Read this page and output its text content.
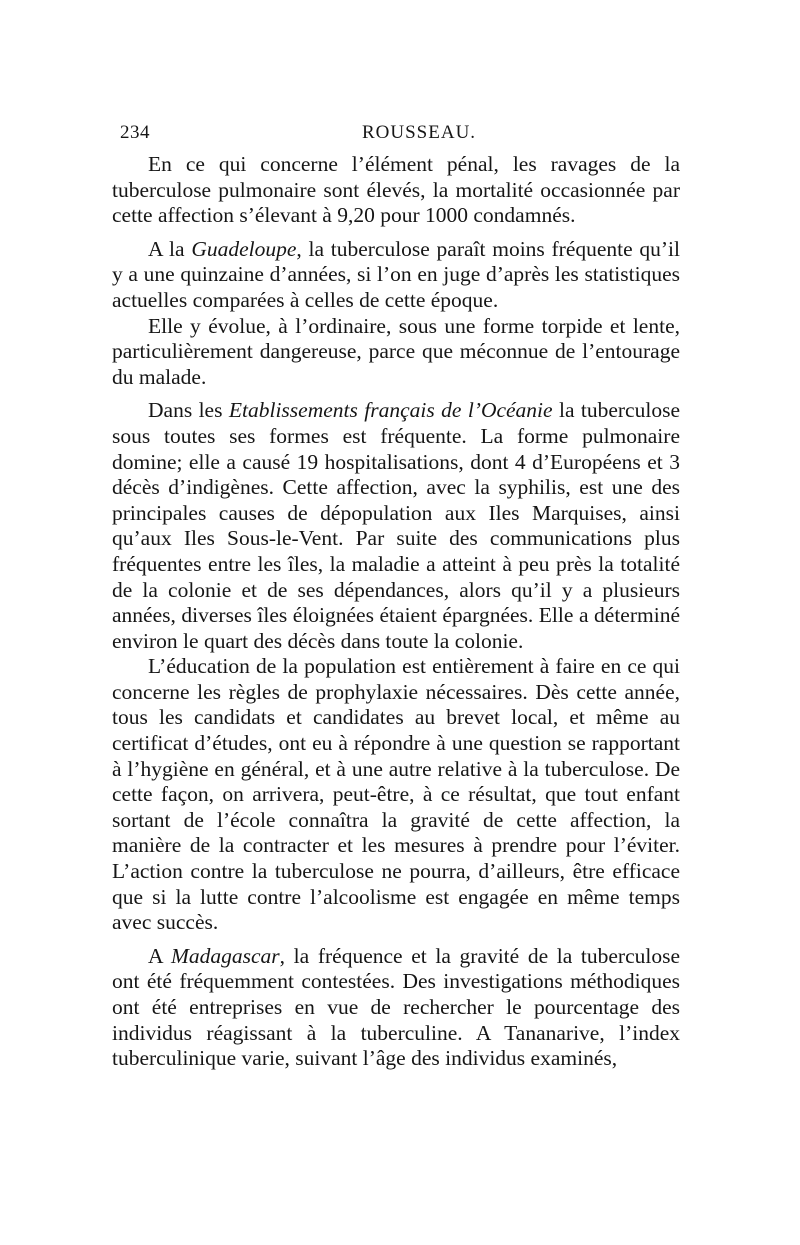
234	ROUSSEAU.

En ce qui concerne l’élément pénal, les ravages de la tuberculose pulmonaire sont élevés, la mortalité occasionnée par cette affection s’élevant à 9,20 pour 1000 condamnés.

A la Guadeloupe, la tuberculose paraît moins fréquente qu’il y a une quinzaine d’années, si l’on en juge d’après les statistiques actuelles comparées à celles de cette époque.

Elle y évolue, à l’ordinaire, sous une forme torpide et lente, particulièrement dangereuse, parce que méconnue de l’entourage du malade.

Dans les Etablissements français de l’Océanie la tuberculose sous toutes ses formes est fréquente. La forme pulmonaire domine; elle a causé 19 hospitalisations, dont 4 d’Européens et 3 décès d’indigènes. Cette affection, avec la syphilis, est une des principales causes de dépopulation aux Iles Marquises, ainsi qu’aux Iles Sous-le-Vent. Par suite des communications plus fréquentes entre les îles, la maladie a atteint à peu près la totalité de la colonie et de ses dépendances, alors qu’il y a plusieurs années, diverses îles éloignées étaient épargnées. Elle a déterminé environ le quart des décès dans toute la colonie.

L’éducation de la population est entièrement à faire en ce qui concerne les règles de prophylaxie nécessaires. Dès cette année, tous les candidats et candidates au brevet local, et même au certificat d’études, ont eu à répondre à une question se rapportant à l’hygiène en général, et à une autre relative à la tuberculose. De cette façon, on arrivera, peut-être, à ce résultat, que tout enfant sortant de l’école connaîtra la gravité de cette affection, la manière de la contracter et les mesures à prendre pour l’éviter. L’action contre la tuberculose ne pourra, d’ailleurs, être efficace que si la lutte contre l’alcoolisme est engagée en même temps avec succès.

A Madagascar, la fréquence et la gravité de la tuberculose ont été fréquemment contestées. Des investigations méthodiques ont été entreprises en vue de rechercher le pourcentage des individus réagissant à la tuberculine. A Tananarive, l’index tuberculinique varie, suivant l’âge des individus examinés,
